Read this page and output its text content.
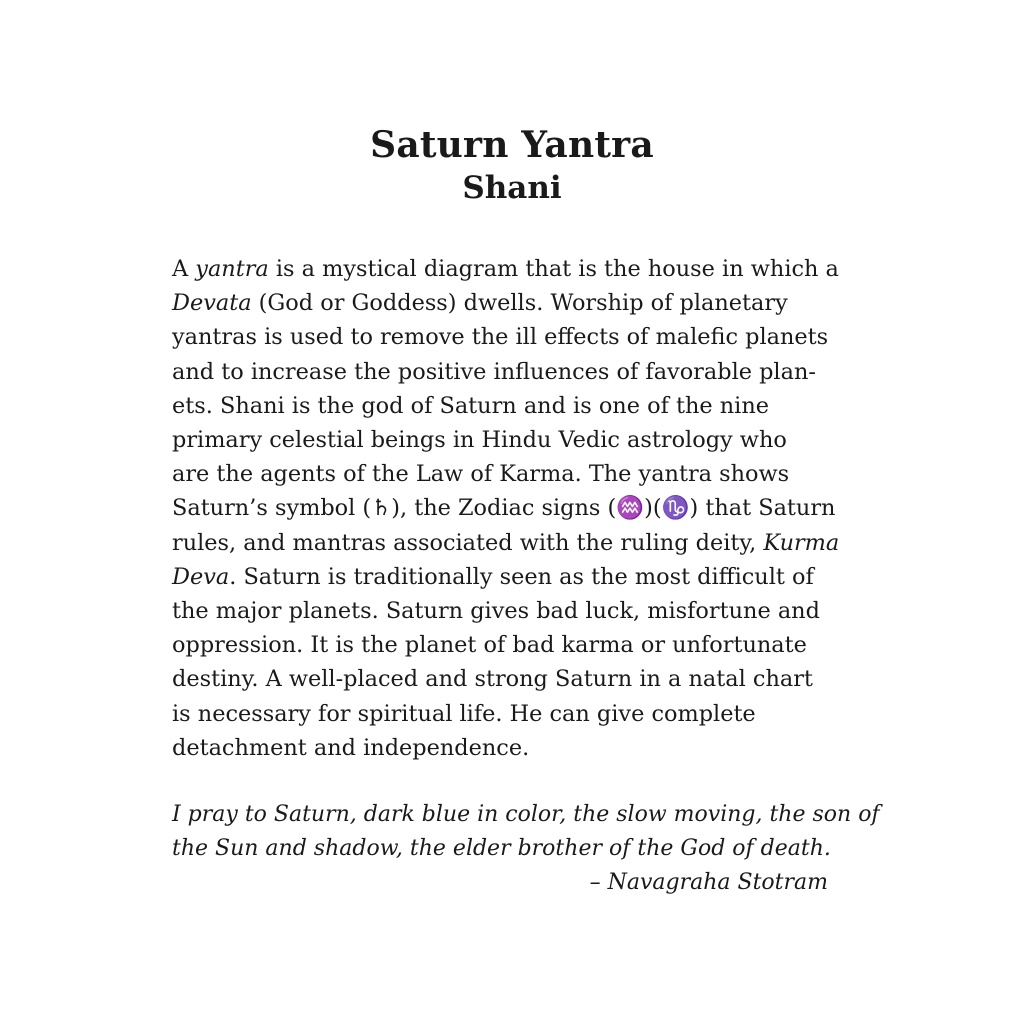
Saturn Yantra
Shani

A yantra is a mystical diagram that is the house in which a
Devata (God or Goddess) dwells. Worship of planetary
yantras is used to remove the ill effects of malefic planets
and to increase the positive influences of favorable plan-
ets. Shani is the god of Saturn and is one of the nine
primary celestial beings in Hindu Vedic astrology who
are the agents of the Law of Karma. The yantra shows
Saturn’s symbol (♄), the Zodiac signs (♒)(♑) that Saturn
rules, and mantras associated with the ruling deity, Kurma
Deva. Saturn is traditionally seen as the most difficult of
the major planets. Saturn gives bad luck, misfortune and
oppression. It is the planet of bad karma or unfortunate
destiny. A well-placed and strong Saturn in a natal chart
is necessary for spiritual life. He can give complete
detachment and independence.

I pray to Saturn, dark blue in color, the slow moving, the son of
the Sun and shadow, the elder brother of the God of death.
– Navagraha Stotram
